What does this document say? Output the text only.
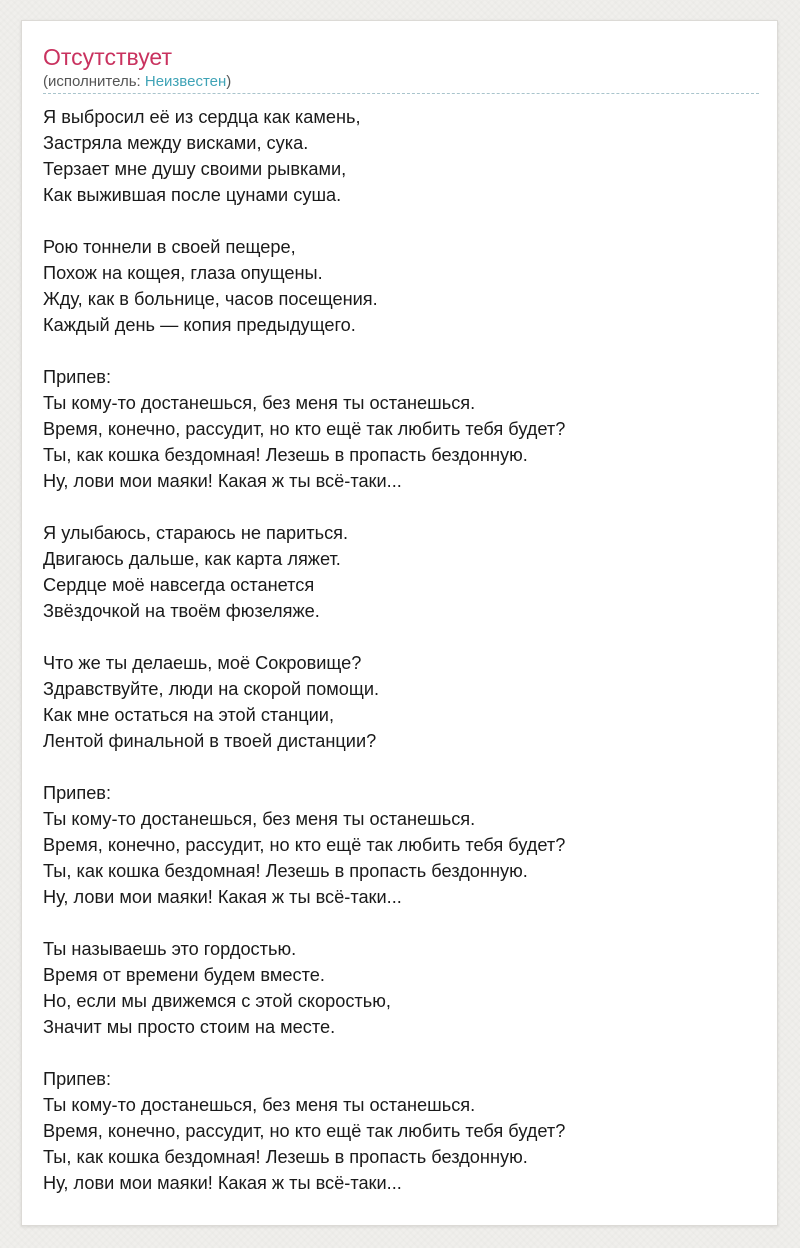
Отсутствует
(исполнитель: Неизвестен)
Я выбросил её из сердца как камень,
Застряла между висками, сука.
Терзает мне душу своими рывками,
Как выжившая после цунами суша.
Рою тоннели в своей пещере,
Похож на кощея, глаза опущены.
Жду, как в больнице, часов посещения.
Каждый день — копия предыдущего.
Припев:
Ты кому-то достанешься, без меня ты останешься.
Время, конечно, рассудит, но кто ещё так любить тебя будет?
Ты, как кошка бездомная! Лезешь в пропасть бездонную.
Ну, лови мои маяки! Какая ж ты всё-таки...
Я улыбаюсь, стараюсь не париться.
Двигаюсь дальше, как карта ляжет.
Сердце моё навсегда останется
Звёздочкой на твоём фюзеляже.
Что же ты делаешь, моё Сокровище?
Здравствуйте, люди на скорой помощи.
Как мне остаться на этой станции,
Лентой финальной в твоей дистанции?
Припев:
Ты кому-то достанешься, без меня ты останешься.
Время, конечно, рассудит, но кто ещё так любить тебя будет?
Ты, как кошка бездомная! Лезешь в пропасть бездонную.
Ну, лови мои маяки! Какая ж ты всё-таки...
Ты называешь это гордостью.
Время от времени будем вместе.
Но, если мы движемся с этой скоростью,
Значит мы просто стоим на месте.
Припев:
Ты кому-то достанешься, без меня ты останешься.
Время, конечно, рассудит, но кто ещё так любить тебя будет?
Ты, как кошка бездомная! Лезешь в пропасть бездонную.
Ну, лови мои маяки! Какая ж ты всё-таки...
